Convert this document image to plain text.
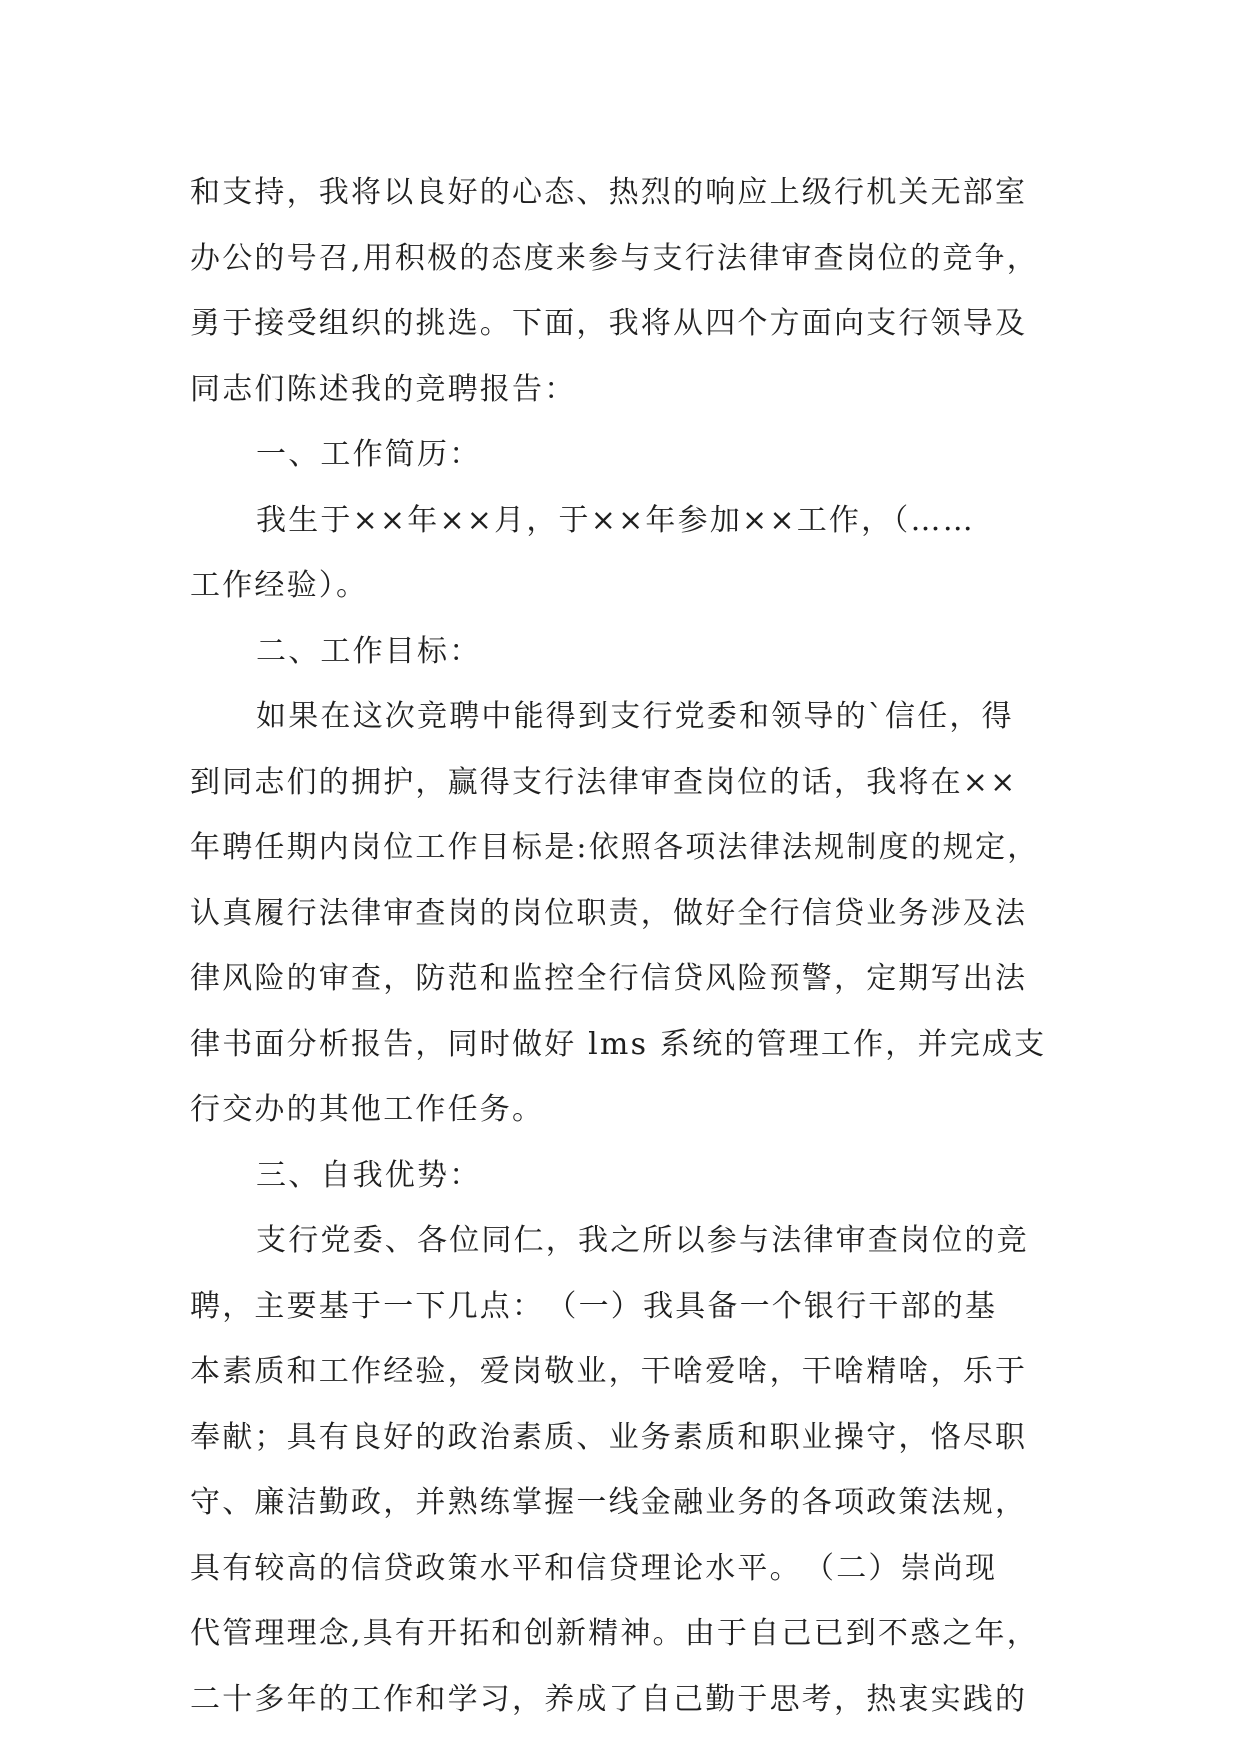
和支持，我将以良好的心态、热烈的响应上级行机关无部室
办公的号召,用积极的态度来参与支行法律审查岗位的竞争，
勇于接受组织的挑选。下面，我将从四个方面向支行领导及
同志们陈述我的竞聘报告：
一、工作简历：
我生于××年××月，于××年参加××工作，（……
工作经验）。
二、工作目标：
如果在这次竞聘中能得到支行党委和领导的`信任，得
到同志们的拥护，赢得支行法律审查岗位的话，我将在××
年聘任期内岗位工作目标是:依照各项法律法规制度的规定，
认真履行法律审查岗的岗位职责，做好全行信贷业务涉及法
律风险的审查，防范和监控全行信贷风险预警，定期写出法
律书面分析报告，同时做好 lms 系统的管理工作，并完成支
行交办的其他工作任务。
三、自我优势：
支行党委、各位同仁，我之所以参与法律审查岗位的竞
聘，主要基于一下几点：　（一）我具备一个银行干部的基
本素质和工作经验，爱岗敬业，干啥爱啥，干啥精啥，乐于
奉献；具有良好的政治素质、业务素质和职业操守，恪尽职
守、廉洁勤政，并熟练掌握一线金融业务的各项政策法规，
具有较高的信贷政策水平和信贷理论水平。　（二）崇尚现
代管理理念,具有开拓和创新精神。由于自己已到不惑之年，
二十多年的工作和学习，养成了自己勤于思考，热衷实践的
